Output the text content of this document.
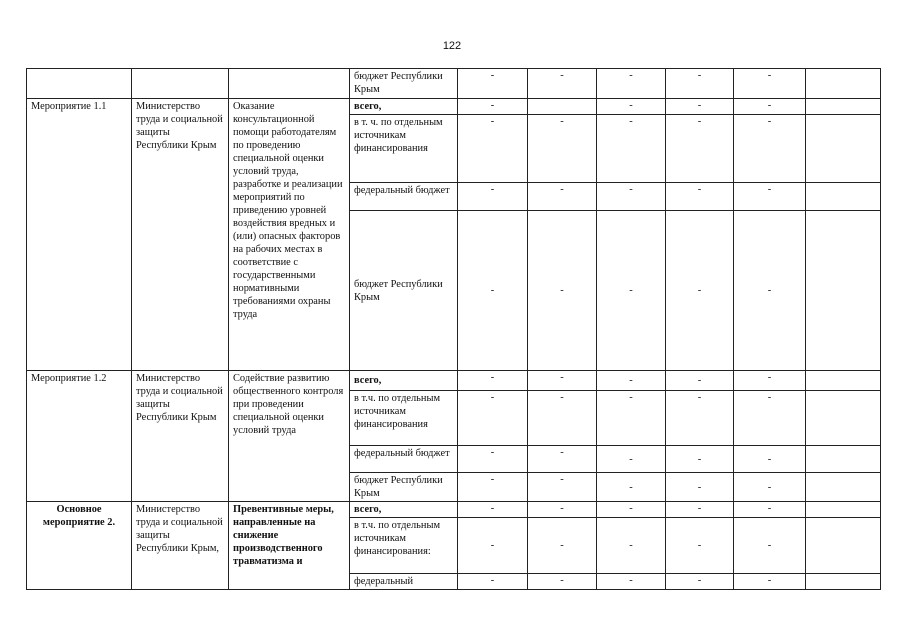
122
			бюджет Республики Крым	-	-	-	-	-	
Мероприятие 1.1	Министерство труда и социальной защиты Республики Крым	Оказание консультационной помощи работодателям по проведению специальной оценки условий труда, разработке и реализации мероприятий по приведению уровней воздействия вредных и (или) опасных факторов на рабочих местах в соответствие с государственными нормативными требованиями охраны труда	всего,	-		-	-	-	
			в т. ч. по отдельным источникам финансирования	-	-	-	-	-	
			федеральный бюджет	-	-	-	-	-	
			бюджет Республики Крым	-	-	-	-	-	
Мероприятие 1.2	Министерство труда и социальной защиты Республики Крым	Содействие развитию общественного контроля при проведении специальной оценки условий труда	всего,	-	-	-	-	-	
			в т.ч. по отдельным источникам финансирования	-	-	-	-	-	
			федеральный бюджет	-	-	-	-	-	
			бюджет Республики Крым	-	-	-	-	-	
Основное мероприятие 2.	Министерство труда и социальной защиты Республики Крым,	Превентивные меры, направленные на снижение производственного травматизма и	всего,	-	-	-	-	-	
			в т.ч. по отдельным источникам финансирования:	-	-	-	-	-	
			федеральный	-	-	-	-	-	
